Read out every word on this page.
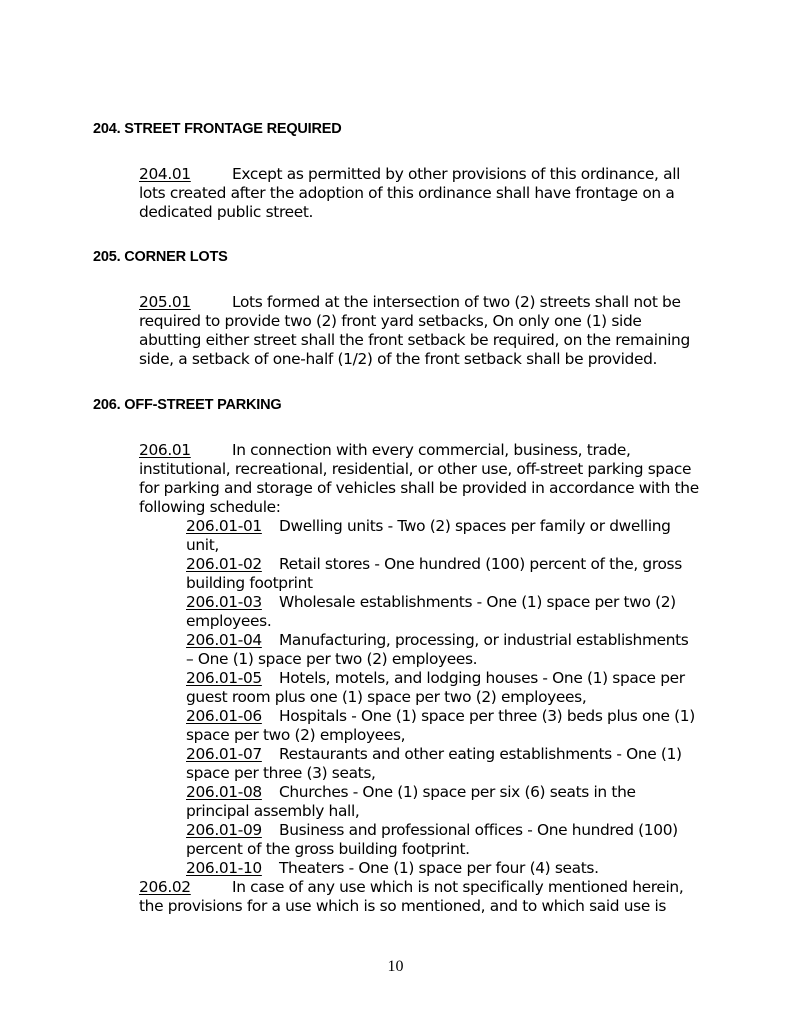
204. STREET FRONTAGE REQUIRED
204.01	Except as permitted by other provisions of this ordinance, all lots created after the adoption of this ordinance shall have frontage on a dedicated public street.
205. CORNER LOTS
205.01	Lots formed at the intersection of two (2) streets shall not be required to provide two (2) front yard setbacks, On only one (1) side abutting either street shall the front setback be required, on the remaining side, a setback of one-half (1/2) of the front setback shall be provided.
206. OFF-STREET PARKING
206.01	In connection with every commercial, business, trade, institutional, recreational, residential, or other use, off-street parking space for parking and storage of vehicles shall be provided in accordance with the following schedule:
206.01-01 Dwelling units - Two (2) spaces per family or dwelling unit,
206.01-02 Retail stores - One hundred (100) percent of the, gross building footprint
206.01-03 Wholesale establishments - One (1) space per two (2) employees.
206.01-04 Manufacturing, processing, or industrial establishments – One (1) space per two (2) employees.
206.01-05 Hotels, motels, and lodging houses - One (1) space per guest room plus one (1) space per two (2) employees,
206.01-06 Hospitals - One (1) space per three (3) beds plus one (1) space per two (2) employees,
206.01-07 Restaurants and other eating establishments - One (1) space per three (3) seats,
206.01-08 Churches - One (1) space per six (6) seats in the principal assembly hall,
206.01-09 Business and professional offices - One hundred (100) percent of the gross building footprint.
206.01-10 Theaters - One (1) space per four (4) seats.
206.02	In case of any use which is not specifically mentioned herein, the provisions for a use which is so mentioned, and to which said use is
10
